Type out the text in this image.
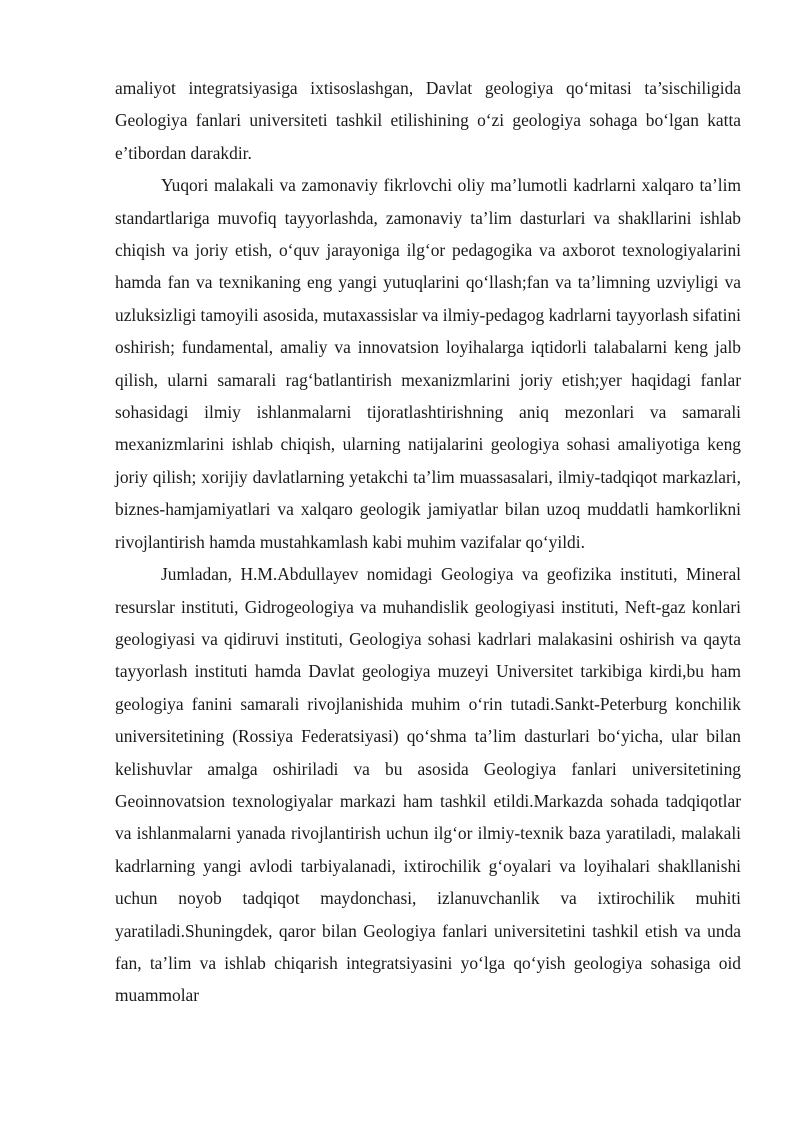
amaliyot integratsiyasiga ixtisoslashgan, Davlat geologiya qo‘mitasi ta’sischiligida Geologiya fanlari universiteti tashkil etilishining o‘zi geologiya sohaga bo‘lgan katta e’tibordan darakdir.

Yuqori malakali va zamonaviy fikrlovchi oliy ma’lumotli kadrlarni xalqaro ta’lim standartlariga muvofiq tayyorlashda, zamonaviy ta’lim dasturlari va shakllarini ishlab chiqish va joriy etish, o‘quv jarayoniga ilg‘or pedagogika va axborot texnologiyalarini hamda fan va texnikaning eng yangi yutuqlarini qo‘llash;fan va ta’limning uzviyligi va uzluksizligi tamoyili asosida, mutaxassislar va ilmiy-pedagog kadrlarni tayyorlash sifatini oshirish; fundamental, amaliy va innovatsion loyihalarga iqtidorli talabalarni keng jalb qilish, ularni samarali rag‘batlantirish mexanizmlarini joriy etish;yer haqidagi fanlar sohasidagi ilmiy ishlanmalarni tijoratlashtirishning aniq mezonlari va samarali mexanizmlarini ishlab chiqish, ularning natijalarini geologiya sohasi amaliyotiga keng joriy qilish; xorijiy davlatlarning yetakchi ta’lim muassasalari, ilmiy-tadqiqot markazlari, biznes-hamjamiyatlari va xalqaro geologik jamiyatlar bilan uzoq muddatli hamkorlikni rivojlantirish hamda mustahkamlash kabi muhim vazifalar qo‘yildi.

Jumladan, H.M.Abdullayev nomidagi Geologiya va geofizika instituti, Mineral resurslar instituti, Gidrogeologiya va muhandislik geologiyasi instituti, Neft-gaz konlari geologiyasi va qidiruvi instituti, Geologiya sohasi kadrlari malakasini oshirish va qayta tayyorlash instituti hamda Davlat geologiya muzeyi Universitet tarkibiga kirdi,bu ham geologiya fanini samarali rivojlanishida muhim o‘rin tutadi.Sankt-Peterburg konchilik universitetining (Rossiya Federatsiyasi) qo‘shma ta’lim dasturlari bo‘yicha, ular bilan kelishuvlar amalga oshiriladi va bu asosida Geologiya fanlari universitetining Geoinnovatsion texnologiyalar markazi ham tashkil etildi.Markazda sohada tadqiqotlar va ishlanmalarni yanada rivojlantirish uchun ilg‘or ilmiy-texnik baza yaratiladi, malakali kadrlarning yangi avlodi tarbiyalanadi, ixtirochilik g‘oyalari va loyihalari shakllanishi uchun noyob tadqiqot maydonchasi, izlanuvchanlik va ixtirochilik muhiti yaratiladi.Shuningdek, qaror bilan Geologiya fanlari universitetini tashkil etish va unda fan, ta’lim va ishlab chiqarish integratsiyasini yo‘lga qo‘yish geologiya sohasiga oid muammolar
